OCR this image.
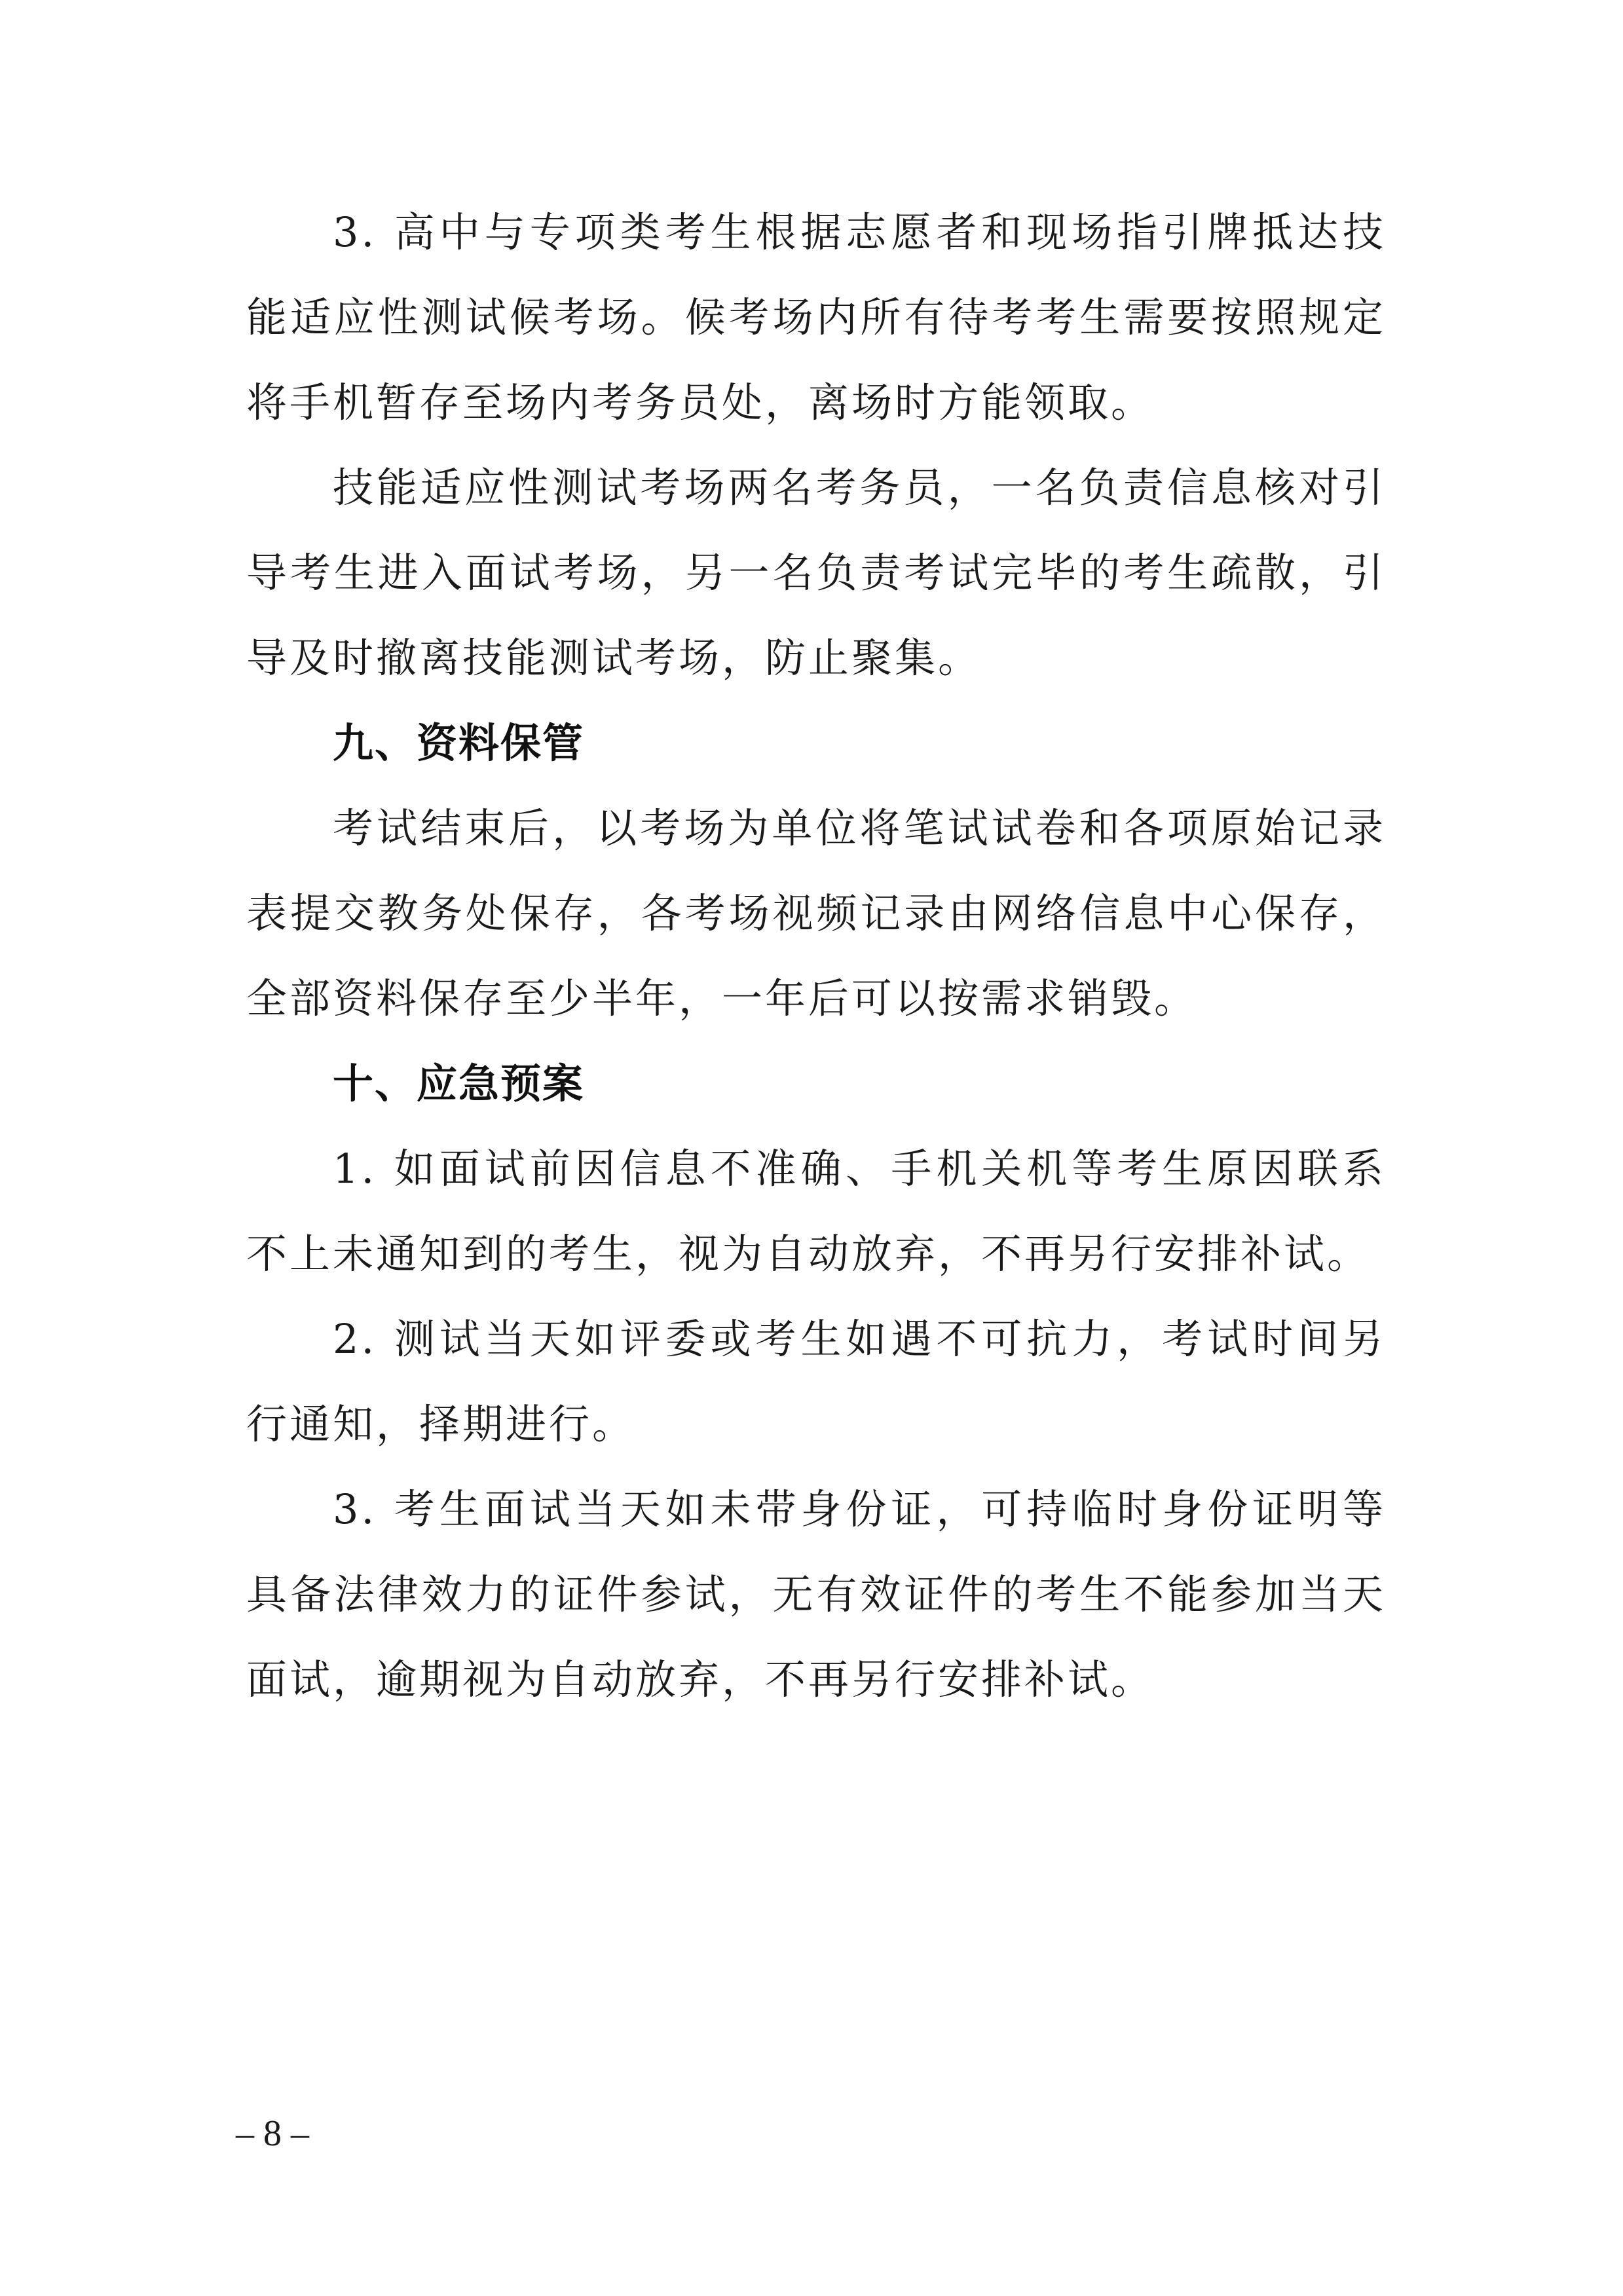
3. 高中与专项类考生根据志愿者和现场指引牌抵达技能适应性测试候考场。候考场内所有待考考生需要按照规定将手机暂存至场内考务员处，离场时方能领取。

技能适应性测试考场两名考务员，一名负责信息核对引导考生进入面试考场，另一名负责考试完毕的考生疏散，引导及时撤离技能测试考场，防止聚集。

九、资料保管

考试结束后，以考场为单位将笔试试卷和各项原始记录表提交教务处保存，各考场视频记录由网络信息中心保存，全部资料保存至少半年，一年后可以按需求销毁。

十、应急预案

1. 如面试前因信息不准确、手机关机等考生原因联系不上未通知到的考生，视为自动放弃，不再另行安排补试。

2. 测试当天如评委或考生如遇不可抗力，考试时间另行通知，择期进行。

3. 考生面试当天如未带身份证，可持临时身份证明等具备法律效力的证件参试，无有效证件的考生不能参加当天面试，逾期视为自动放弃，不再另行安排补试。

– 8 –
